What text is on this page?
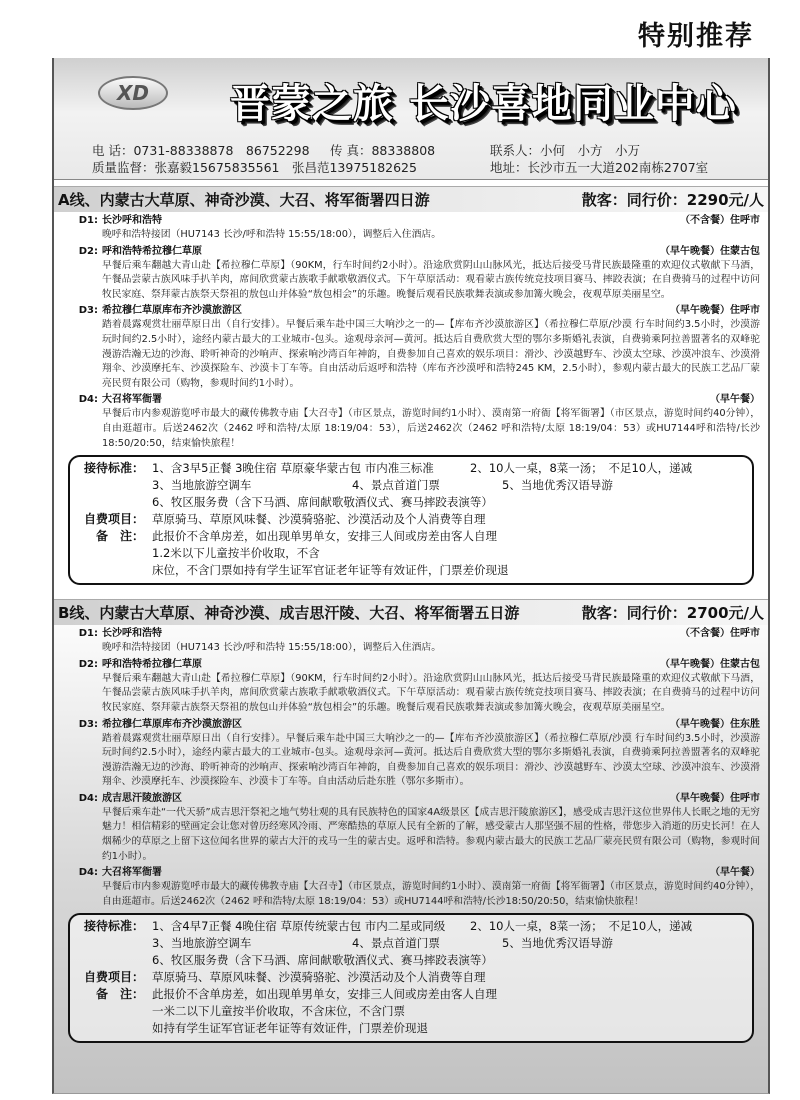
特别推荐
XD	晋蒙之旅 长沙喜地同业中心
电 话：0731-88338878　86752298	传 真：88338808	联系人：小何　小方　小万
质量监督：张嘉毅15675835561　张昌范13975182625	地址：长沙市五一大道202南栋2707室
A线、内蒙古大草原、神奇沙漠、大召、将军衙署四日游	散客：同行价：2290元/人
D1: 长沙呼和浩特	（不含餐）住呼市
晚呼和浩特接团（HU7143 长沙/呼和浩特 15:55/18:00），调整后入住酒店。
D2: 呼和浩特希拉穆仁草原	（早午晚餐）住蒙古包
早餐后乘车翻越大青山赴【希拉穆仁草原】（90KM，行车时间约2小时）。沿途欣赏阴山山脉风光，抵达后接受马背民族最隆重的欢迎仪式敬献下马酒，午餐品尝蒙古族风味手扒羊肉，席间欣赏蒙古族歌手献歌敬酒仪式。下午草原活动：观看蒙古族传统竞技项目赛马、摔跤表演；在自费骑马的过程中访问牧民家庭、祭拜蒙古族祭天祭祖的敖包山并体验“敖包相会”的乐趣。晚餐后观看民族歌舞表演或参加篝火晚会，夜观草原美丽星空。
D3: 希拉穆仁草原库布齐沙漠旅游区	（早午晚餐）住呼市
踏着晨露观赏壮丽草原日出（自行安排）。早餐后乘车赴中国三大响沙之一的—【库布齐沙漠旅游区】（希拉穆仁草原/沙漠 行车时间约3.5小时，沙漠游玩时间约2.5小时），途经内蒙古最大的工业城市-包头。途观母亲河—黄河。抵达后自费欣赏大型的鄂尔多斯婚礼表演，自费骑乘阿拉善盟著名的双峰驼漫游浩瀚无边的沙海、聆听神奇的沙响声、探索响沙湾百年神韵，自费参加自己喜欢的娱乐项目：滑沙、沙漠越野车、沙漠太空球、沙漠冲浪车、沙漠滑翔伞、沙漠摩托车、沙漠探险车、沙漠卡丁车等。自由活动后返呼和浩特（库布齐沙漠呼和浩特245 KM，2.5小时），参观内蒙古最大的民族工艺品厂蒙亮民贸有限公司（购物，参观时间约1小时）。
D4: 大召将军衙署	（早午餐）
早餐后市内参观游览呼市最大的藏传佛教寺庙【大召寺】（市区景点，游览时间约1小时）、漠南第一府衙【将军衙署】（市区景点，游览时间约40分钟），自由逛超市。后送2462次（2462 呼和浩特/太原 18:19/04：53），后送2462次（2462 呼和浩特/太原 18:19/04：53）或HU7144呼和浩特/长沙18:50/20:50，结束愉快旅程！
接待标准： 1、含3早5正餐 3晚住宿 草原豪华蒙古包 市内准三标准	2、10人一桌，8菜一汤；　不足10人，递减
3、当地旅游空调车	4、景点首道门票	5、当地优秀汉语导游
6、牧区服务费（含下马酒、席间献歌敬酒仪式、赛马摔跤表演等）
自费项目： 草原骑马、草原风味餐、沙漠骑骆驼、沙漠活动及个人消费等自理
备　注： 此报价不含单房差，如出现单男单女，安排三人间或房差由客人自理
1.2米以下儿童按半价收取，不含
床位，不含门票如持有学生证军官证老年证等有效证件，门票差价现退
B线、内蒙古大草原、神奇沙漠、成吉思汗陵、大召、将军衙署五日游	散客：同行价：2700元/人
D1: 长沙呼和浩特	（不含餐）住呼市
晚呼和浩特接团（HU7143 长沙/呼和浩特 15:55/18:00），调整后入住酒店。
D2: 呼和浩特希拉穆仁草原	（早午晚餐）住蒙古包
早餐后乘车翻越大青山赴【希拉穆仁草原】（90KM，行车时间约2小时）。沿途欣赏阴山山脉风光，抵达后接受马背民族最隆重的欢迎仪式敬献下马酒，午餐品尝蒙古族风味手扒羊肉，席间欣赏蒙古族歌手献歌敬酒仪式。下午草原活动：观看蒙古族传统竞技项目赛马、摔跤表演；在自费骑马的过程中访问牧民家庭、祭拜蒙古族祭天祭祖的敖包山并体验“敖包相会”的乐趣。晚餐后观看民族歌舞表演或参加篝火晚会，夜观草原美丽星空。
D3: 希拉穆仁草原库布齐沙漠旅游区	（早午晚餐）住东胜
踏着晨露观赏壮丽草原日出（自行安排）。早餐后乘车赴中国三大响沙之一的—【库布齐沙漠旅游区】（希拉穆仁草原/沙漠 行车时间约3.5小时，沙漠游玩时间约2.5小时），途经内蒙古最大的工业城市-包头。途观母亲河—黄河。抵达后自费欣赏大型的鄂尔多斯婚礼表演，自费骑乘阿拉善盟著名的双峰驼漫游浩瀚无边的沙海、聆听神奇的沙响声、探索响沙湾百年神韵，自费参加自己喜欢的娱乐项目：滑沙、沙漠越野车、沙漠太空球、沙漠冲浪车、沙漠滑翔伞、沙漠摩托车、沙漠探险车、沙漠卡丁车等。自由活动后赴东胜（鄂尔多斯市）。
D4: 成吉思汗陵旅游区	（早午晚餐）住呼市
早餐后乘车赴“一代天骄”成吉思汗祭祀之地气势壮观的具有民族特色的国家4A级景区【成吉思汗陵旅游区】，感受成吉思汗这位世界伟人长眠之地的无穷魅力！相信精彩的壁画定会让您对曾历经寒风冷雨、严寒酷热的草原人民有全新的了解，感受蒙古人那坚强不屈的性格，带您步入消逝的历史长河！在人烟稀少的草原之上留下这位闻名世界的蒙古大汗的戎马一生的蒙古史。返呼和浩特。参观内蒙古最大的民族工艺品厂蒙亮民贸有限公司（购物，参观时间约1小时）。
D4: 大召将军衙署	（早午餐）
早餐后市内参观游览呼市最大的藏传佛教寺庙【大召寺】（市区景点，游览时间约1小时）、漠南第一府衙【将军衙署】（市区景点，游览时间约40分钟），自由逛超市。后送2462次（2462 呼和浩特/太原 18:19/04：53）或HU7144呼和浩特/长沙18:50/20:50，结束愉快旅程！
接待标准： 1、含4早7正餐 4晚住宿 草原传统蒙古包 市内二星或同级	2、10人一桌，8菜一汤；　不足10人，递减
3、当地旅游空调车	4、景点首道门票	5、当地优秀汉语导游
6、牧区服务费（含下马酒、席间献歌敬酒仪式、赛马摔跤表演等）
自费项目： 草原骑马、草原风味餐、沙漠骑骆驼、沙漠活动及个人消费等自理
备　注： 此报价不含单房差，如出现单男单女，安排三人间或房差由客人自理
一米二以下儿童按半价收取，不含床位，不含门票
如持有学生证军官证老年证等有效证件，门票差价现退
